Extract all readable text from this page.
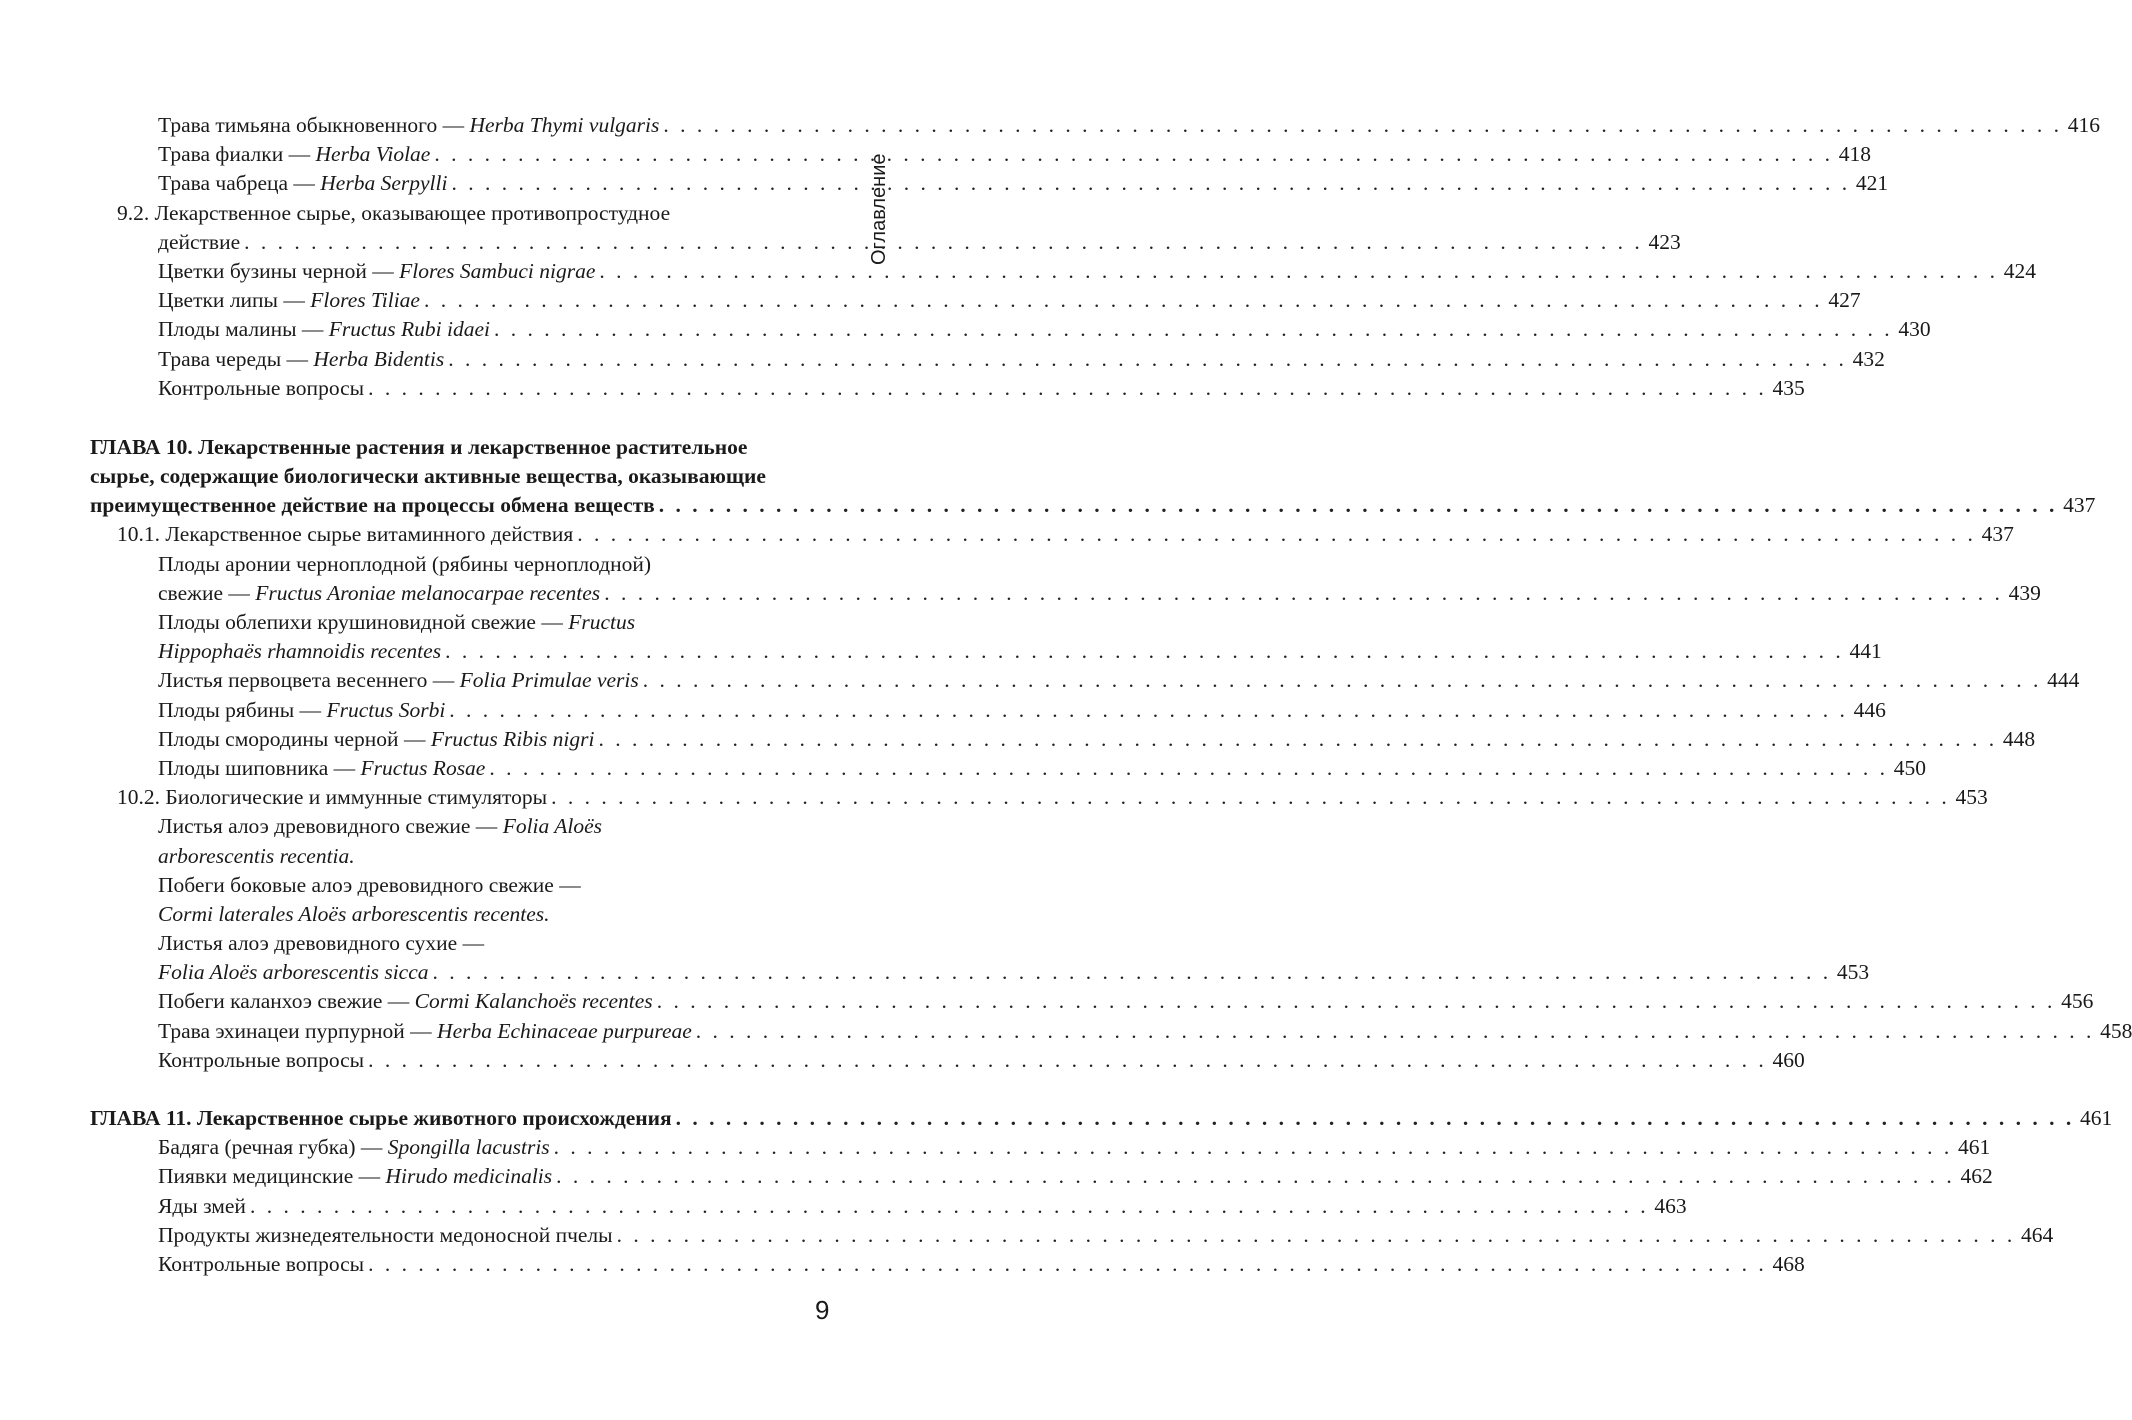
Оглавление
Трава тимьяна обыкновенного — Herba Thymi vulgaris . . .	416
Трава фиалки — Herba Violae . . .	418
Трава чабреца — Herba Serpylli . . .	421
9.2. Лекарственное сырье, оказывающее противопростудное
действие . . .	423
Цветки бузины черной — Flores Sambuci nigrae . . .	424
Цветки липы — Flores Tiliae . . .	427
Плоды малины — Fructus Rubi idaei . . .	430
Трава череды — Herba Bidentis . . .	432
Контрольные вопросы . . .	435
ГЛАВА 10. Лекарственные растения и лекарственное растительное
сырье, содержащие биологически активные вещества, оказывающие
преимущественное действие на процессы обмена веществ . . .	437
10.1. Лекарственное сырье витаминного действия . . .	437
Плоды аронии черноплодной (рябины черноплодной)
свежие — Fructus Aroniae melanocarpae recentes . . .	439
Плоды облепихи крушиновидной свежие — Fructus
Hippophaës rhamnoidis recentes . . .	441
Листья первоцвета весеннего — Folia Primulae veris . . .	444
Плоды рябины — Fructus Sorbi . . .	446
Плоды смородины черной — Fructus Ribis nigri . . .	448
Плоды шиповника — Fructus Rosae . . .	450
10.2. Биологические и иммунные стимуляторы . . .	453
Листья алоэ древовидного свежие — Folia Aloës
arborescentis recentia.
Побеги боковые алоэ древовидного свежие —
Cormi laterales Aloës arborescentis recentes.
Листья алоэ древовидного сухие —
Folia Aloës arborescentis sicca . . .	453
Побеги каланхоэ свежие — Cormi Kalanchoës recentes . . .	456
Трава эхинацеи пурпурной — Herba Echinaceae purpureae . . .	458
Контрольные вопросы . . .	460
ГЛАВА 11. Лекарственное сырье животного происхождения . . .	461
Бадяга (речная губка) — Spongilla lacustris . . .	461
Пиявки медицинские — Hirudo medicinalis . . .	462
Яды змей . . .	463
Продукты жизнедеятельности медоносной пчелы . . .	464
Контрольные вопросы . . .	468
9
